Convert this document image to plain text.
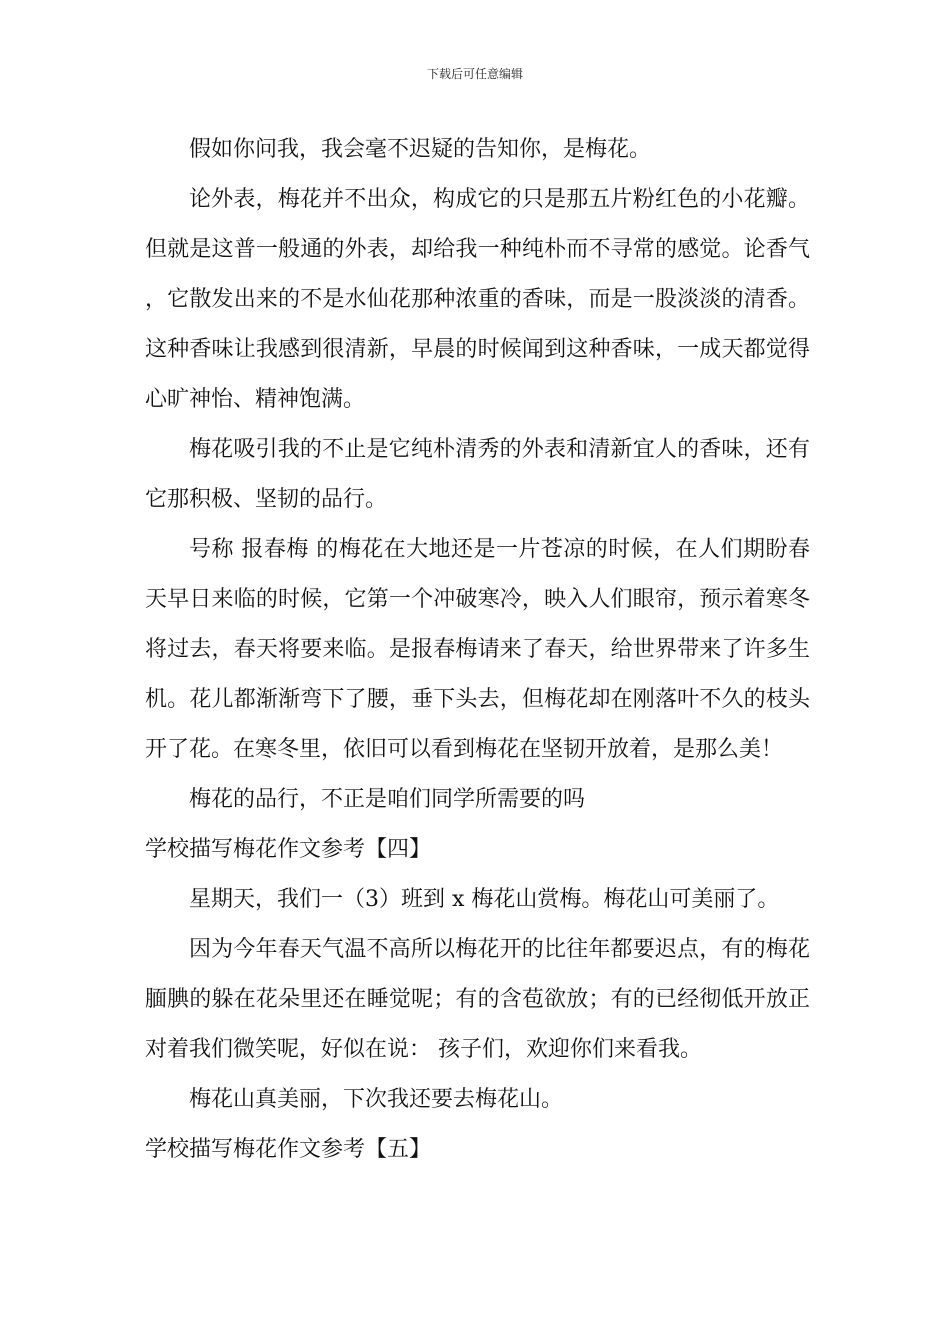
下载后可任意编辑

假如你问我，我会毫不迟疑的告知你，是梅花。

论外表，梅花并不出众，构成它的只是那五片粉红色的小花瓣。但就是这普一般通的外表，却给我一种纯朴而不寻常的感觉。论香气，它散发出来的不是水仙花那种浓重的香味，而是一股淡淡的清香。这种香味让我感到很清新，早晨的时候闻到这种香味，一成天都觉得心旷神怡、精神饱满。

梅花吸引我的不止是它纯朴清秀的外表和清新宜人的香味，还有它那积极、坚韧的品行。

号称 报春梅 的梅花在大地还是一片苍凉的时候，在人们期盼春天早日来临的时候，它第一个冲破寒冷，映入人们眼帘，预示着寒冬将过去，春天将要来临。是报春梅请来了春天，给世界带来了许多生机。花儿都渐渐弯下了腰，垂下头去，但梅花却在刚落叶不久的枝头开了花。在寒冬里，依旧可以看到梅花在坚韧开放着，是那么美！

梅花的品行，不正是咱们同学所需要的吗

学校描写梅花作文参考【四】

星期天，我们一（3）班到 x 梅花山赏梅。梅花山可美丽了。

因为今年春天气温不高所以梅花开的比往年都要迟点，有的梅花腼腆的躲在花朵里还在睡觉呢；有的含苞欲放；有的已经彻低开放正对着我们微笑呢，好似在说： 孩子们，欢迎你们来看我。

梅花山真美丽，下次我还要去梅花山。

学校描写梅花作文参考【五】
